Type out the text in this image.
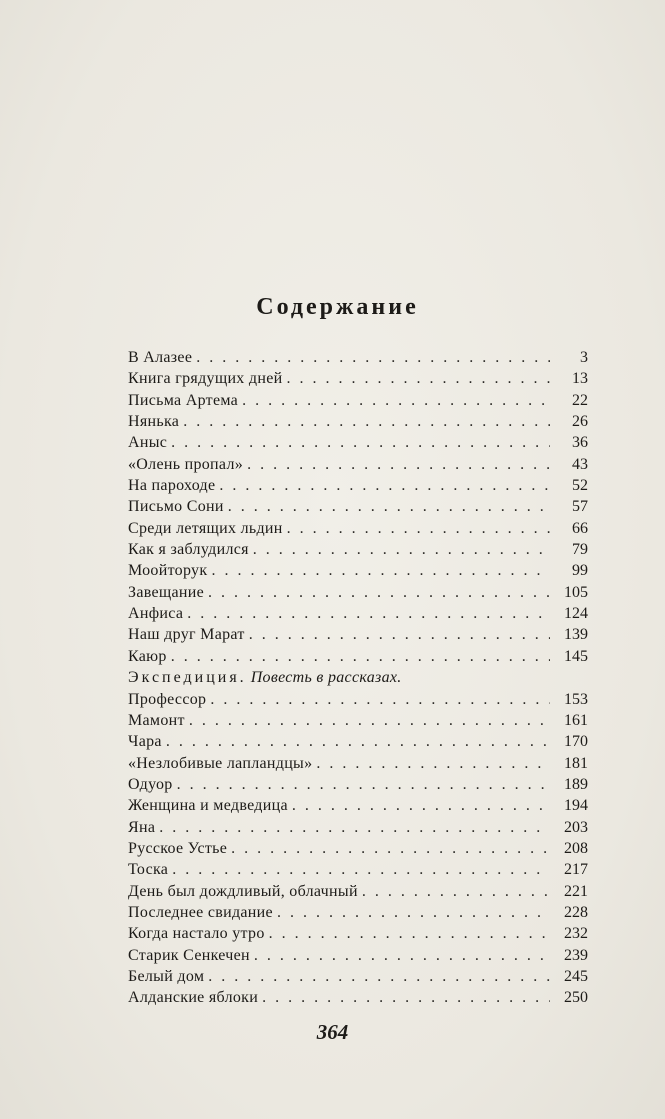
Содержание
В Алазее . . .	3
Книга грядущих дней . . .	13
Письма Артема . . .	22
Нянька . . .	26
Аныс . . .	36
«Олень пропал» . . .	43
На пароходе . . .	52
Письмо Сони . . .	57
Среди летящих льдин . . .	66
Как я заблудился . . .	79
Моойторук . . .	99
Завещание . . .	105
Анфиса . . .	124
Наш друг Марат . . .	139
Каюр . . .	145
Экспедиция.
Повесть в рассказах.
Профессор . . .	153
Мамонт . . .	161
Чара . . .	170
«Незлобивые лапландцы» . . .	181
Одуор . . .	189
Женщина и медведица . . .	194
Яна . . .	203
Русское Устье . . .	208
Тоска . . .	217
День был дождливый, облачный . . .	221
Последнее свидание . . .	228
Когда настало утро . . .	232
Старик Сенкечен . . .	239
Белый дом . . .	245
Алданские яблоки . . .	250
364
